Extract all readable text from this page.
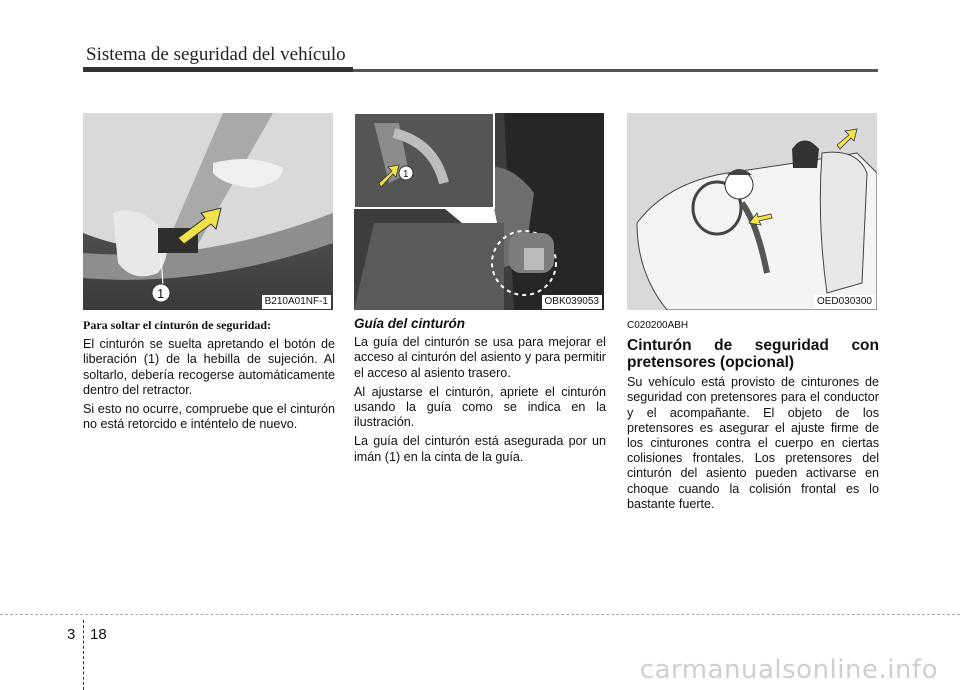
Sistema de seguridad del vehículo
1
B210A01NF-1
1
OBK039053	OED030300

Para soltar el cinturón de seguridad:

El cinturón se suelta apretando el botón de liberación (1) de la hebilla de sujeción. Al soltarlo, debería recogerse automáticamente dentro del retractor.

Si esto no ocurre, compruebe que el cinturón no está retorcido e inténtelo de nuevo.

Guía del cinturón

La guía del cinturón se usa para mejorar el acceso al cinturón del asiento y para permitir el acceso al asiento trasero.

Al ajustarse el cinturón, apriete el cinturón usando la guía como se indica en la ilustración.

La guía del cinturón está asegurada por un imán (1) en la cinta de la guía.

C020200ABH

Cinturón de seguridad con pretensores (opcional)

Su vehículo está provisto de cinturones de seguridad con pretensores para el conductor y el acompañante. El objeto de los pretensores es asegurar el ajuste firme de los cinturones contra el cuerpo en ciertas colisiones frontales. Los pretensores del cinturón del asiento pueden activarse en choque cuando la colisión frontal es lo bastante fuerte.

3 18
carmanualsonline.info
